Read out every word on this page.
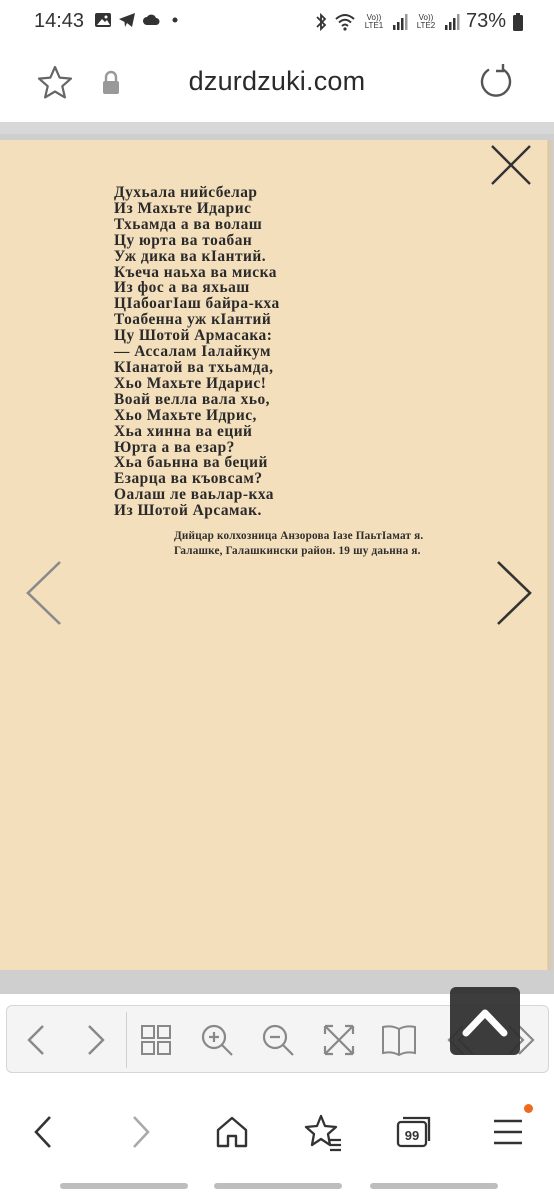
14:43	Vo)) LTE1
Vo)) LTE2 73%
dzurdzuki.com
Духьала нийсбелар
Из Махьте Идарис
Тхьамда а ва волаш
Цу юрта ва тоабан
Уж дика ва кIантий.
Къеча наьха ва миска
Из фос а ва яхьаш
ЦIабоагIаш байра-кха
Тоабенна уж кIантий
Цу Шотой Армасака:
— Ассалам Iалайкум
КIанатой ва тхьамда,
Хьо Махьте Идарис!
Воай велла вала хьо,
Хьо Махьте Идрис,
Хьа хинна ва еций
Юрта а ва езар?
Хьа баьнна ва беций
Езарца ва къовсам?
Оалаш ле ваьлар-кха
Из Шотой Арсамак.
Дийцар колхозница Анзорова Iазе ПаьтIамат я.
Галашке, Галашкински район. 19 шу даьнна я.
99
